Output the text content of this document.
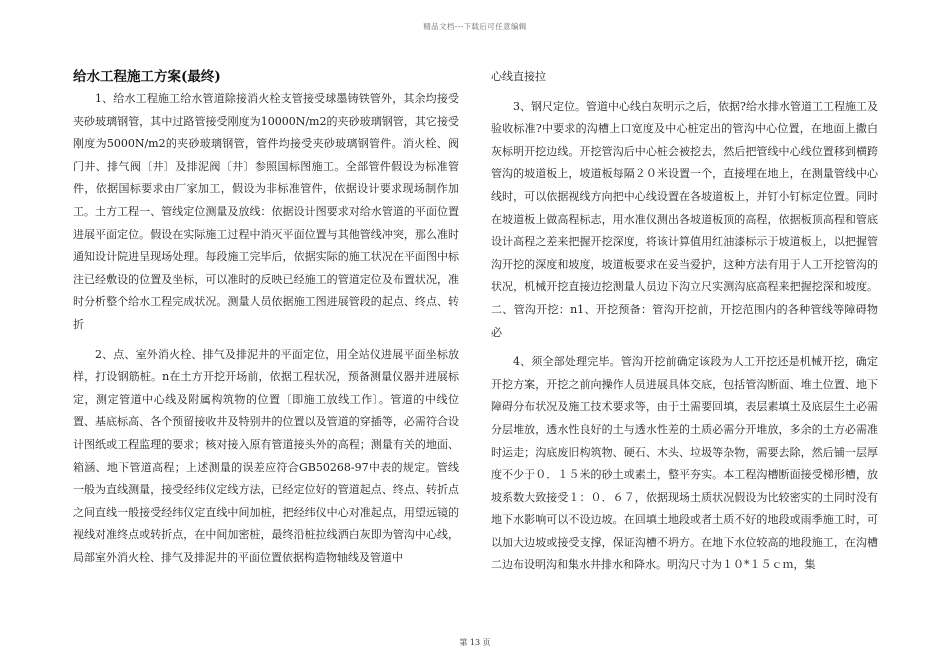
精品文档---下载后可任意编辑
给水工程施工方案(最终)

1、给水工程施工给水管道除接消火栓支管接受球墨铸铁管外，其余均接受夹砂玻璃钢管，其中过路管接受刚度为10000N/m2的夹砂玻璃钢管，其它接受刚度为5000N/m2的夹砂玻璃钢管，管件均接受夹砂玻璃钢管件。消火栓、阀门井、排气阀〔井〕及排泥阀〔井〕参照国标图施工。全部管件假设为标准管件，依据国标要求由厂家加工，假设为非标准管件，依据设计要求现场制作加工。土方工程一、管线定位测量及放线：依据设计图要求对给水管道的平面位置进展平面定位。假设在实际施工过程中消灭平面位置与其他管线冲突，那么准时通知设计院进呈现场处理。每段施工完毕后，依据实际的施工状况在平面图中标注已经敷设的位置及坐标，可以准时的反映已经施工的管道定位及布置状况，准时分析整个给水工程完成状况。测量人员依据施工图进展管段的起点、终点、转折

2、点、室外消火栓、排气及排泥井的平面定位，用全站仪进展平面坐标放样，打设钢筋桩。n在土方开挖开场前，依据工程状况，预备测量仪器并进展标定，测定管道中心线及附属构筑物的位置〔即施工放线工作〕。管道的中线位置、基底标高、各个预留接收井及特别井的位置以及管道的穿插等，必需符合设计图纸或工程监理的要求；核对接入原有管道接头外的高程；测量有关的地面、箱涵、地下管道高程；上述测量的误差应符合GB50268-97中表的规定。管线一般为直线测量，接受经纬仪定线方法，已经定位好的管道起点、终点、转折点之间直线一般接受经纬仪定直线中间加桩，把经纬仪中心对准起点，用望远镜的视线对准终点或转折点，在中间加密桩，最终沿桩拉线洒白灰即为管沟中心线，局部室外消火栓、排气及排泥井的平面位置依据构造物轴线及管道中

心线直接拉

3、钢尺定位。管道中心线白灰明示之后，依据?给水排水管道工工程施工及验收标准?中要求的沟槽上口宽度及中心桩定出的管沟中心位置，在地面上撒白灰标明开挖边线。开挖管沟后中心桩会被挖去，然后把管线中心线位置移到横跨管沟的坡道板上，坡道板每隔２０米设置一个，直接埋在地上，在测量管线中心线时，可以依据视线方向把中心线设置在各坡道板上，并钉小钉标定位置。同时在坡道板上做高程标志，用水准仪测出各坡道板顶的高程，依据板顶高程和管底设计高程之差来把握开挖深度，将该计算值用红油漆标示于坡道板上，以把握管沟开挖的深度和坡度，坡道板要求在妥当爱护，这种方法有用于人工开挖管沟的状况，机械开挖直接边挖测量人员边下沟立尺实测沟底高程来把握挖深和坡度。二、管沟开挖：n1、开挖预备：管沟开挖前，开挖范围内的各种管线等障碍物必

4、须全部处理完毕。管沟开挖前确定该段为人工开挖还是机械开挖，确定开挖方案，开挖之前向操作人员进展具体交底，包括管沟断面、堆土位置、地下障碍分布状况及施工技术要求等，由于土需要回填，表层素填土及底层生土必需分层堆放，透水性良好的土与透水性差的土质必需分开堆放，多余的土方必需准时运走；沟底废旧构筑物、硬石、木头、垃圾等杂物，需要去除，然后铺一层厚度不少于０．１５米的砂土或素土，整平夯实。本工程沟槽断面接受梯形槽，放坡系数大致接受１：０．６７，依据现场土质状况假设为比较密实的土同时没有地下水影响可以不设边坡。在回填土地段或者土质不好的地段或雨季施工时，可以加大边坡或接受支撑，保证沟槽不坍方。在地下水位较高的地段施工，在沟槽二边布设明沟和集水井排水和降水。明沟尺寸为１０*１５ｃｍ，集

第 13 页
